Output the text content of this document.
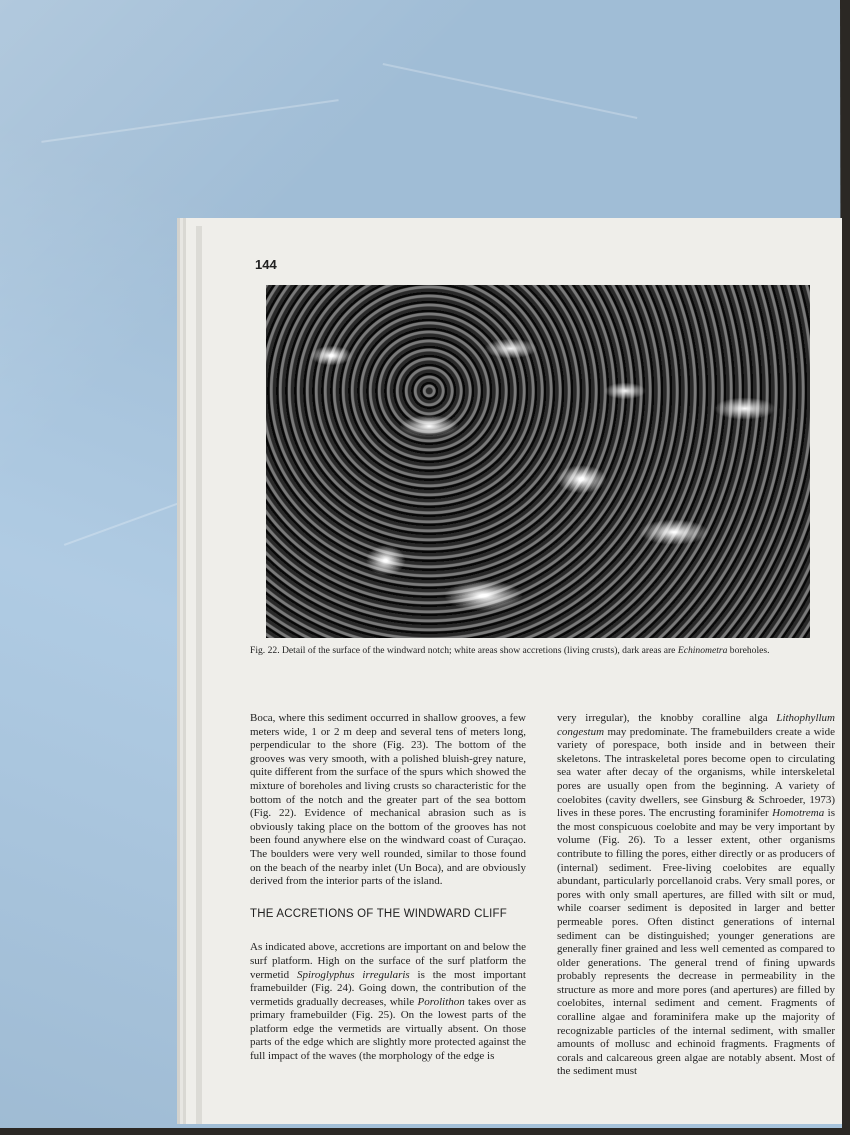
144
Fig. 22. Detail of the surface of the windward notch; white areas show accretions (living crusts), dark areas are Echinometra boreholes.

Boca, where this sediment occurred in shallow grooves, a few meters wide, 1 or 2 m deep and several tens of meters long, perpendicular to the shore (Fig. 23). The bottom of the grooves was very smooth, with a polished bluish-grey nature, quite different from the surface of the spurs which showed the mixture of boreholes and living crusts so characteristic for the bottom of the notch and the greater part of the sea bottom (Fig. 22). Evidence of mechanical abrasion such as is obviously taking place on the bottom of the grooves has not been found anywhere else on the windward coast of Curaçao. The boulders were very well rounded, similar to those found on the beach of the nearby inlet (Un Boca), and are obviously derived from the interior parts of the island.

THE ACCRETIONS OF THE WINDWARD CLIFF

As indicated above, accretions are important on and below the surf platform. High on the surface of the surf platform the vermetid Spiroglyphus irregularis is the most important framebuilder (Fig. 24). Going down, the contribution of the vermetids gradually decreases, while Porolithon takes over as primary framebuilder (Fig. 25). On the lowest parts of the platform edge the vermetids are virtually absent. On those parts of the edge which are slightly more protected against the full impact of the waves (the morphology of the edge is

very irregular), the knobby coralline alga Lithophyllum congestum may predominate. The framebuilders create a wide variety of porespace, both inside and in between their skeletons. The intraskeletal pores become open to circulating sea water after decay of the organisms, while interskeletal pores are usually open from the beginning. A variety of coelobites (cavity dwellers, see Ginsburg & Schroeder, 1973) lives in these pores. The encrusting foraminifer Homotrema is the most conspicuous coelobite and may be very important by volume (Fig. 26). To a lesser extent, other organisms contribute to filling the pores, either directly or as producers of (internal) sediment. Free-living coelobites are equally abundant, particularly porcellanoid crabs. Very small pores, or pores with only small apertures, are filled with silt or mud, while coarser sediment is deposited in larger and better permeable pores. Often distinct generations of internal sediment can be distinguished; younger generations are generally finer grained and less well cemented as compared to older generations. The general trend of fining upwards probably represents the decrease in permeability in the structure as more and more pores (and apertures) are filled by coelobites, internal sediment and cement. Fragments of coralline algae and foraminifera make up the majority of recognizable particles of the internal sediment, with smaller amounts of mollusc and echinoid fragments. Fragments of corals and calcareous green algae are notably absent. Most of the sediment must
